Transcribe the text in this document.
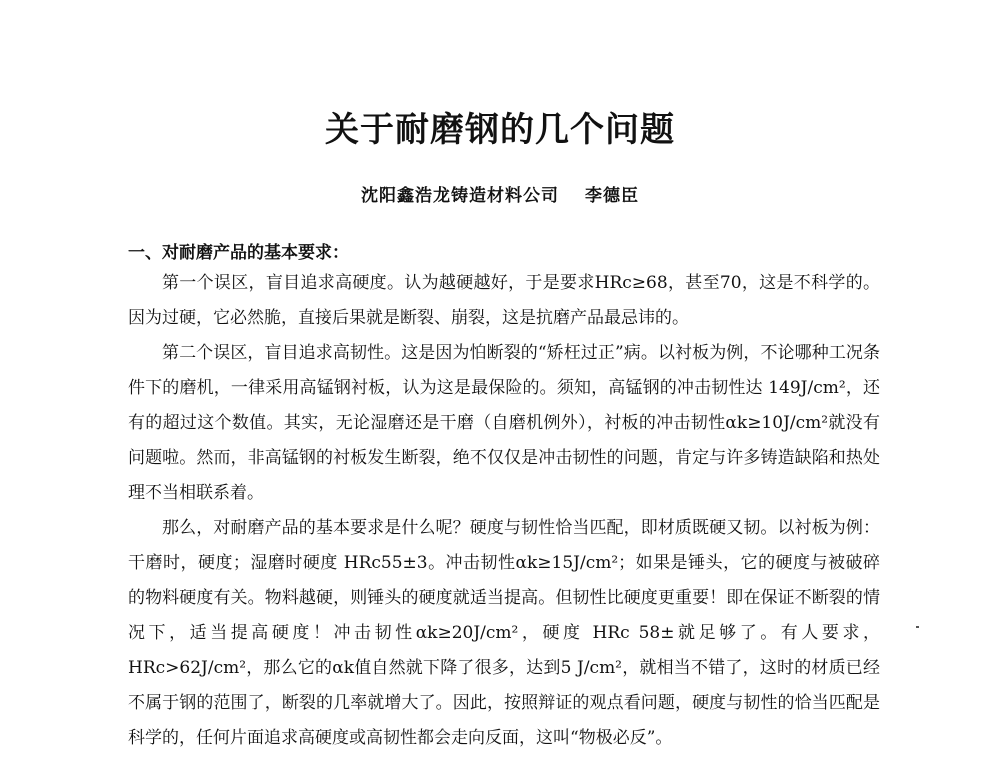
关于耐磨钢的几个问题
沈阳鑫浩龙铸造材料公司 李德臣
一、对耐磨产品的基本要求：

第一个误区，盲目追求高硬度。认为越硬越好，于是要求HRc≥68，甚至70，这是不科学的。因为过硬，它必然脆，直接后果就是断裂、崩裂，这是抗磨产品最忌讳的。

第二个误区，盲目追求高韧性。这是因为怕断裂的“矫枉过正”病。以衬板为例，不论哪种工况条件下的磨机，一律采用高锰钢衬板，认为这是最保险的。须知，高锰钢的冲击韧性达 149J/cm²，还有的超过这个数值。其实，无论湿磨还是干磨（自磨机例外），衬板的冲击韧性αk≥10J/cm²就没有问题啦。然而，非高锰钢的衬板发生断裂，绝不仅仅是冲击韧性的问题，肯定与许多铸造缺陷和热处理不当相联系着。

那么，对耐磨产品的基本要求是什么呢？硬度与韧性恰当匹配，即材质既硬又韧。以衬板为例：干磨时，硬度；湿磨时硬度 HRc55±3。冲击韧性αk≥15J/cm²；如果是锤头，它的硬度与被破碎的物料硬度有关。物料越硬，则锤头的硬度就适当提高。但韧性比硬度更重要！即在保证不断裂的情况下，适当提高硬度！冲击韧性αk≥20J/cm²，硬度 HRc 58±就足够了。有人要求，HRc>62J/cm²，那么它的αk值自然就下降了很多，达到5 J/cm²，就相当不错了，这时的材质已经不属于钢的范围了，断裂的几率就增大了。因此，按照辩证的观点看问题，硬度与韧性的恰当匹配是科学的，任何片面追求高硬度或高韧性都会走向反面，这叫“物极必反”。
